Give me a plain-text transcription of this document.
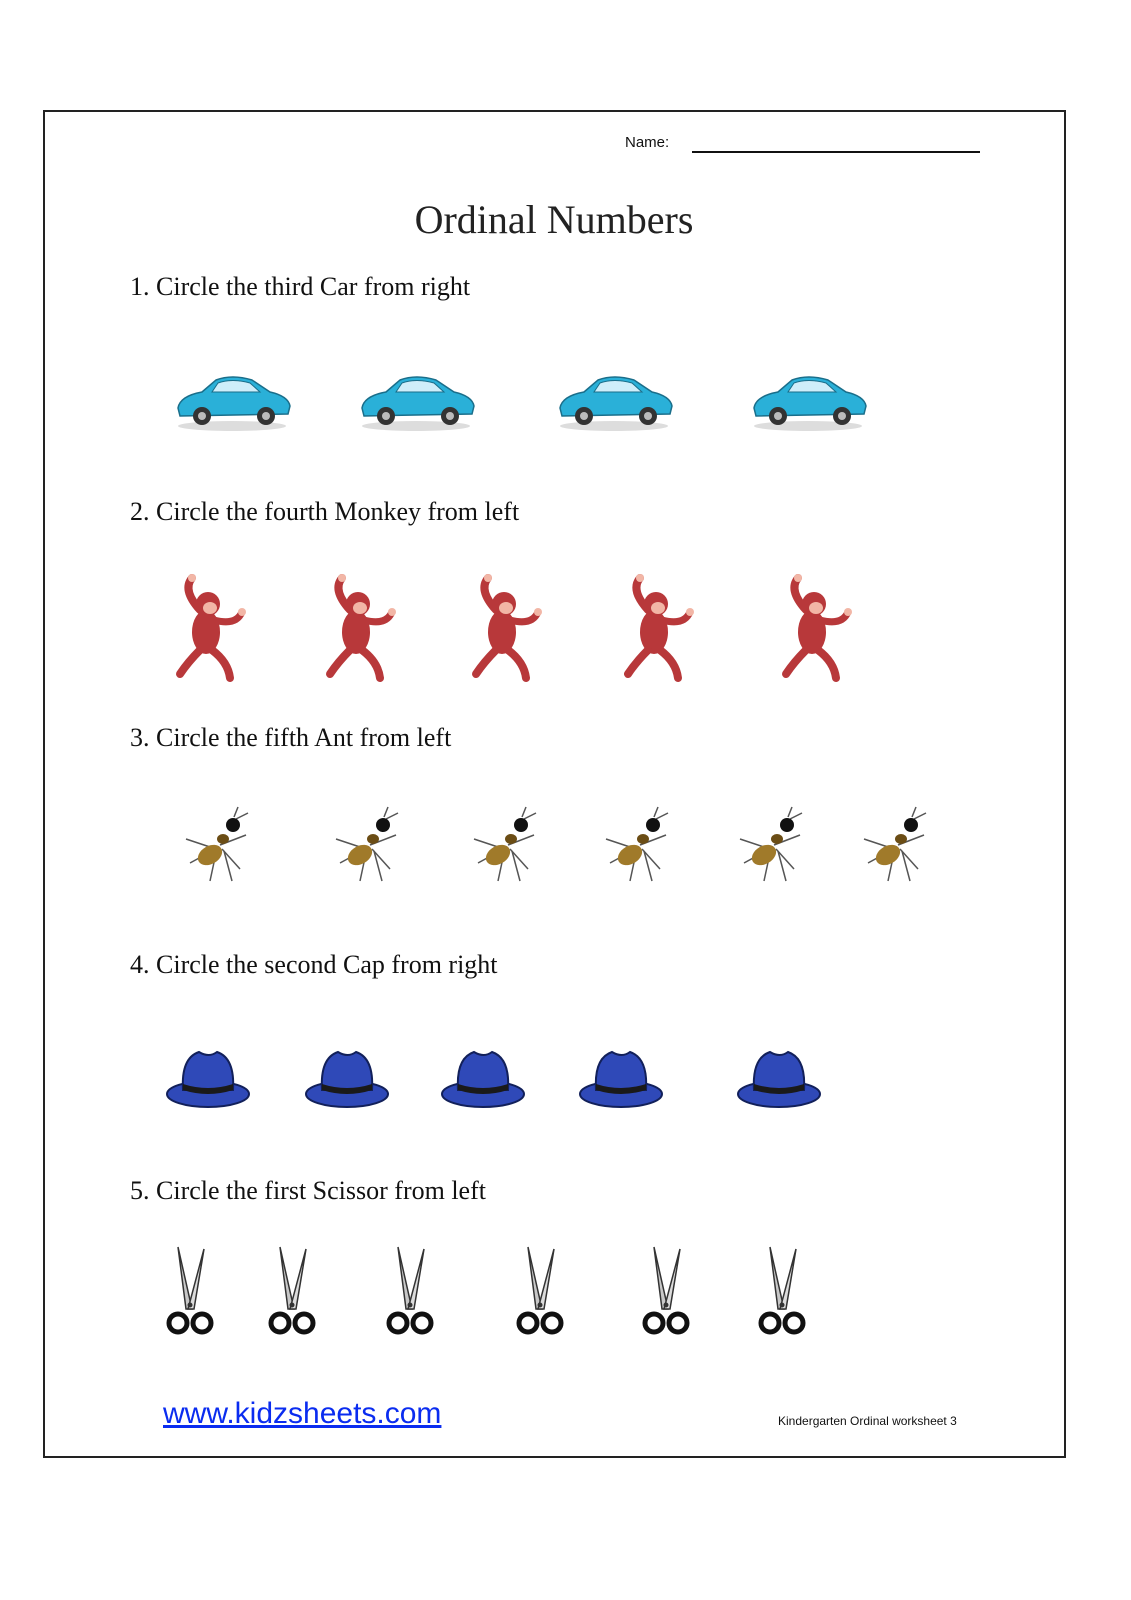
Name:
Ordinal Numbers
1. Circle the third Car from right
2. Circle the fourth Monkey from left
3. Circle the fifth Ant from left
4. Circle the second Cap from right
5. Circle the first Scissor from left
www.kidzsheets.com	Kindergarten Ordinal worksheet 3
